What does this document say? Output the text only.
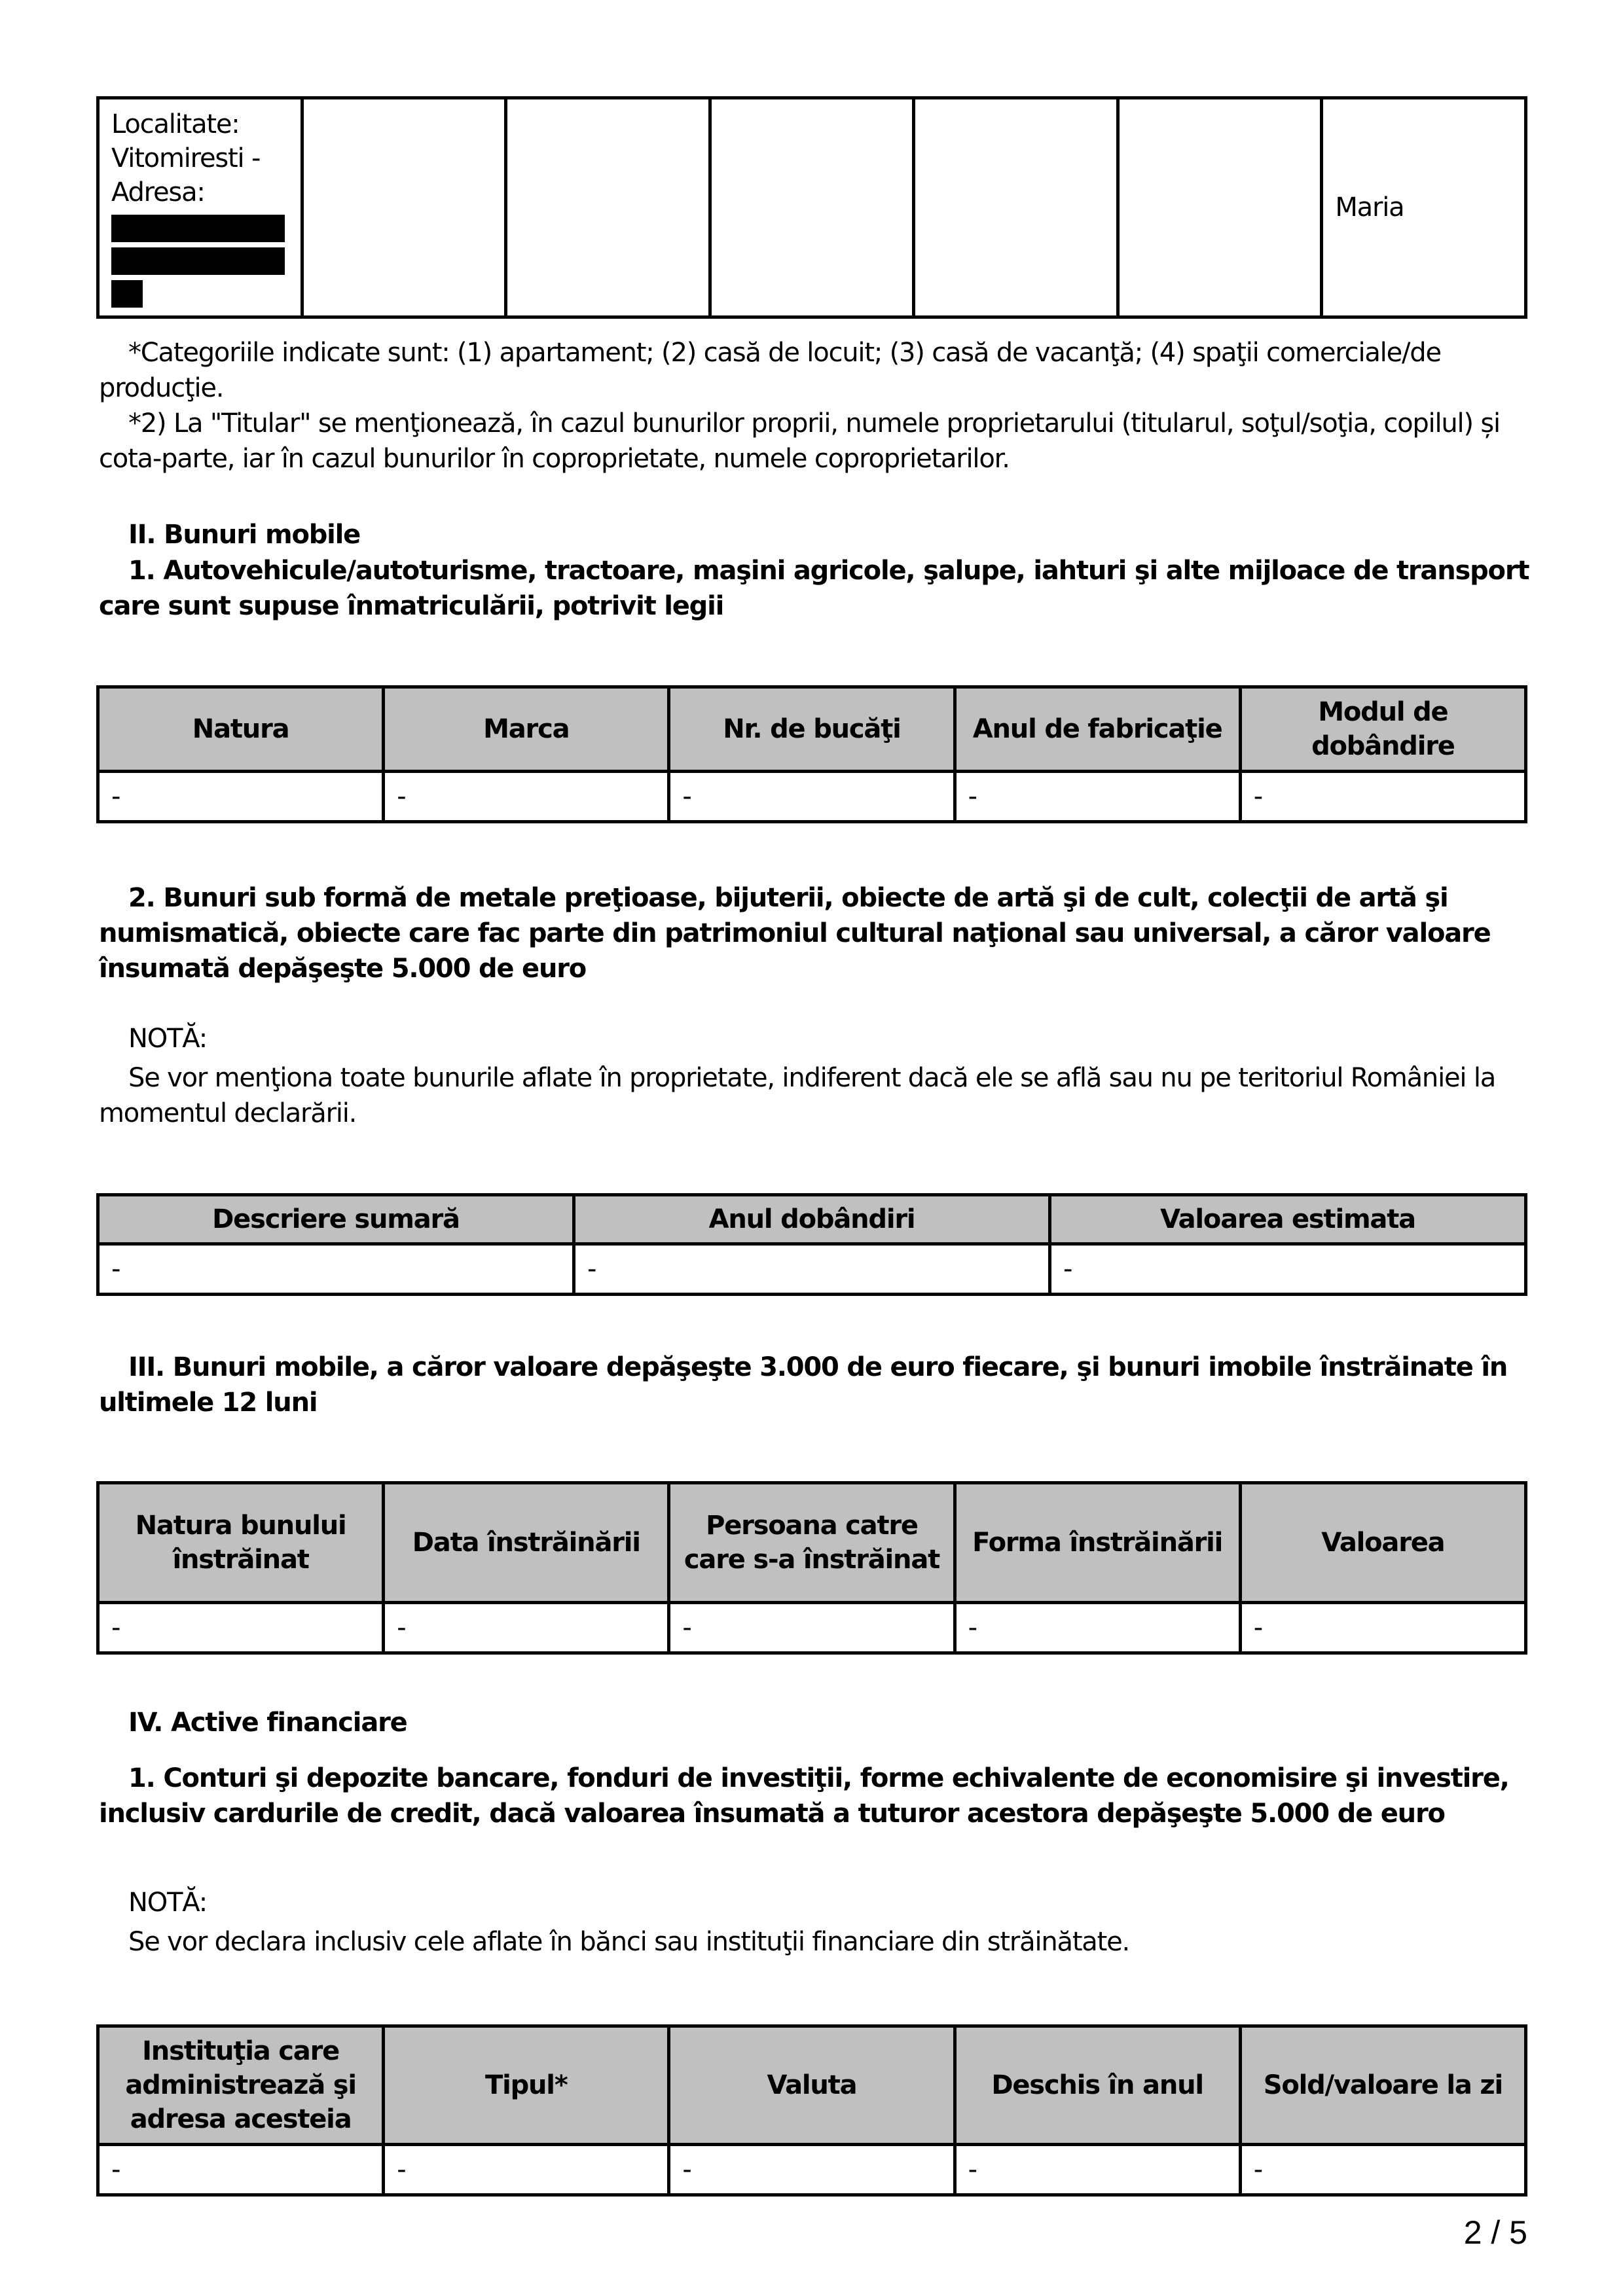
Localitate:
Vitomiresti -
Adresa:						Maria

*Categoriile indicate sunt: (1) apartament; (2) casă de locuit; (3) casă de vacanţă; (4) spaţii comerciale/de producţie.

*2) La "Titular" se menţionează, în cazul bunurilor proprii, numele proprietarului (titularul, soţul/soţia, copilul) și cota-parte, iar în cazul bunurilor în coproprietate, numele coproprietarilor.

II. Bunuri mobile

1. Autovehicule/autoturisme, tractoare, maşini agricole, şalupe, iahturi şi alte mijloace de transport care sunt supuse înmatriculării, potrivit legii

Natura	Marca	Nr. de bucăţi	Anul de fabricaţie	Modul de dobândire
-	-	-	-	-

2. Bunuri sub formă de metale preţioase, bijuterii, obiecte de artă şi de cult, colecţii de artă şi numismatică, obiecte care fac parte din patrimoniul cultural naţional sau universal, a căror valoare însumată depăşeşte 5.000 de euro

NOTĂ:

Se vor menţiona toate bunurile aflate în proprietate, indiferent dacă ele se află sau nu pe teritoriul României la momentul declarării.

Descriere sumară	Anul dobândiri	Valoarea estimata
-	-	-

III. Bunuri mobile, a căror valoare depăşeşte 3.000 de euro fiecare, şi bunuri imobile înstrăinate în ultimele 12 luni

Natura bunului înstrăinat	Data înstrăinării	Persoana catre care s-a înstrăinat	Forma înstrăinării	Valoarea
-	-	-	-	-

IV. Active financiare

1. Conturi şi depozite bancare, fonduri de investiţii, forme echivalente de economisire şi investire, inclusiv cardurile de credit, dacă valoarea însumată a tuturor acestora depăşeşte 5.000 de euro

NOTĂ:

Se vor declara inclusiv cele aflate în bănci sau instituţii financiare din străinătate.

Instituţia care administrează şi adresa acesteia	Tipul*	Valuta	Deschis în anul	Sold/valoare la zi
-	-	-	-	-
2 / 5
